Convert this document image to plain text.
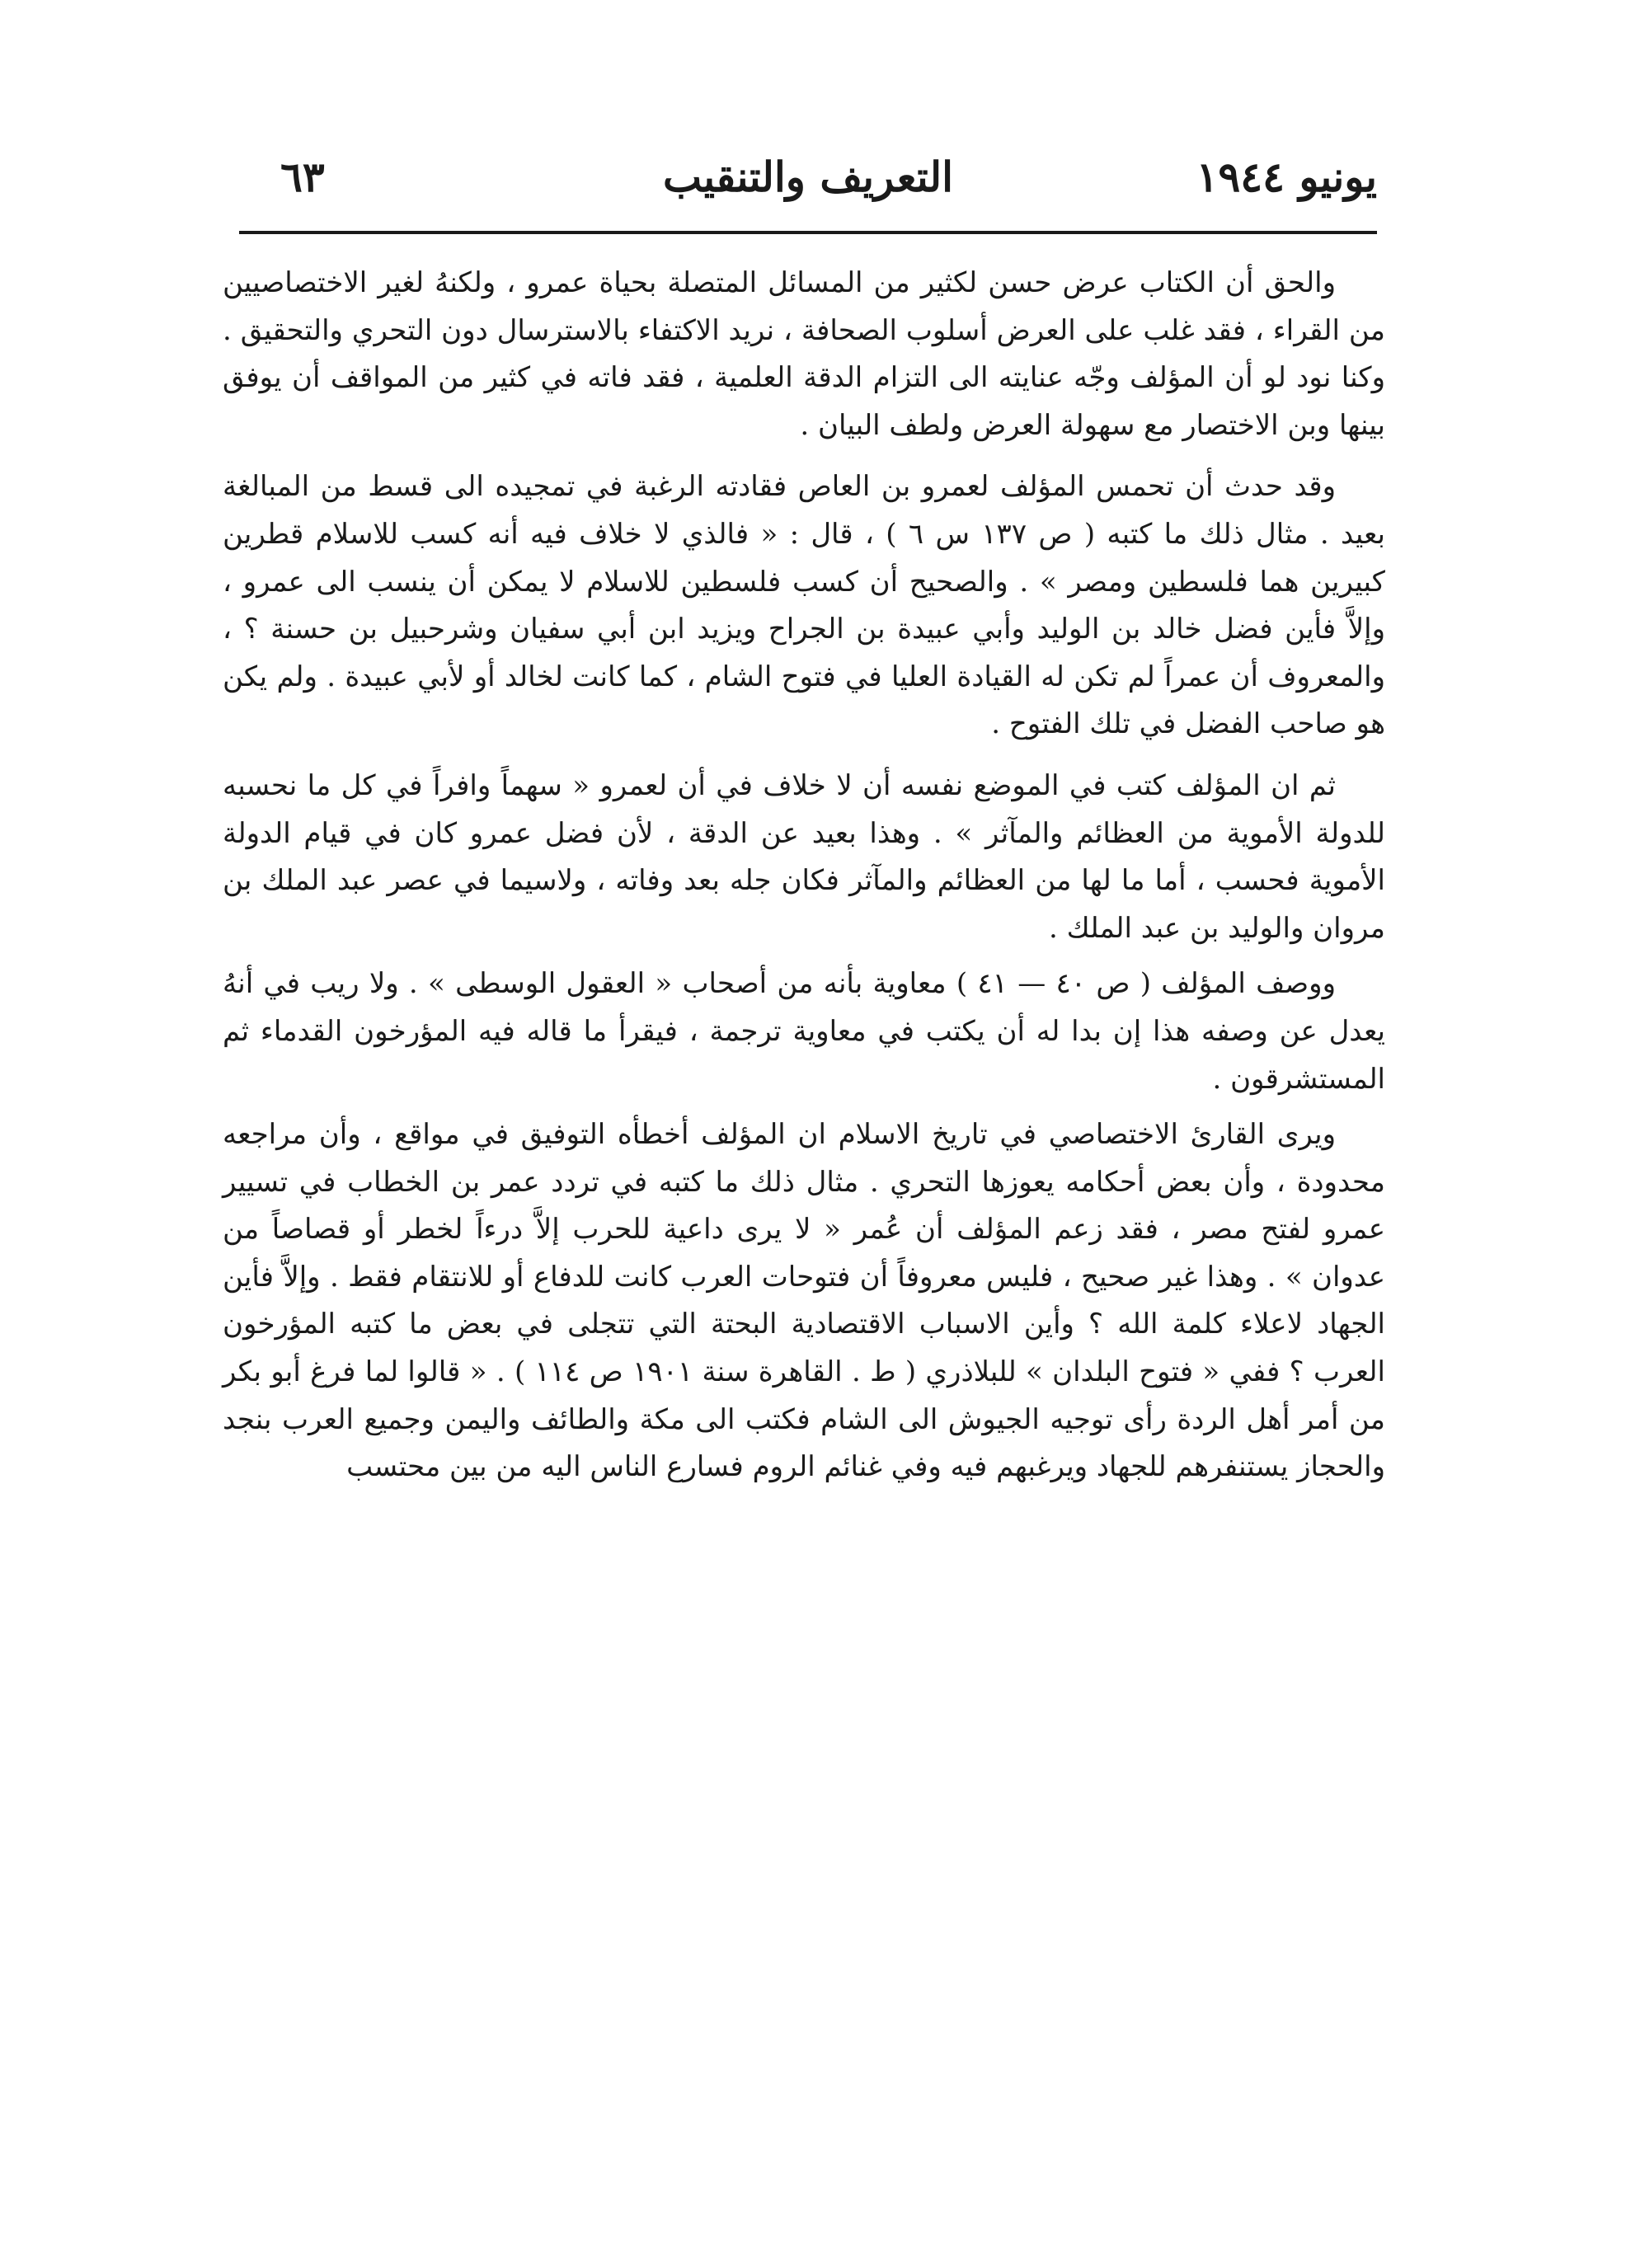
يونيو ١٩٤٤
التعريف والتنقيب
٦٣

والحق أن الكتاب عرض حسن لكثير من المسائل المتصلة بحياة عمرو ، ولكنهُ لغير الاختصاصيين من القراء ، فقد غلب على العرض أسلوب الصحافة ، نريد الاكتفاء بالاسترسال دون التحري والتحقيق . وكنا نود لو أن المؤلف وجّه عنايته الى التزام الدقة العلمية ، فقد فاته في كثير من المواقف أن يوفق بينها وبن الاختصار مع سهولة العرض ولطف البيان .

وقد حدث أن تحمس المؤلف لعمرو بن العاص فقادته الرغبة في تمجيده الى قسط من المبالغة بعيد . مثال ذلك ما كتبه ( ص ١٣٧ س ٦ ) ، قال : « فالذي لا خلاف فيه أنه كسب للاسلام قطرين كبيرين هما فلسطين ومصر » . والصحيح أن كسب فلسطين للاسلام لا يمكن أن ينسب الى عمرو ، وإلاَّ فأين فضل خالد بن الوليد وأبي عبيدة بن الجراح ويزيد ابن أبي سفيان وشرحبيل بن حسنة ؟ ، والمعروف أن عمراً لم تكن له القيادة العليا في فتوح الشام ، كما كانت لخالد أو لأبي عبيدة . ولم يكن هو صاحب الفضل في تلك الفتوح .

ثم ان المؤلف كتب في الموضع نفسه أن لا خلاف في أن لعمرو « سهماً وافراً في كل ما نحسبه للدولة الأموية من العظائم والمآثر » . وهذا بعيد عن الدقة ، لأن فضل عمرو كان في قيام الدولة الأموية فحسب ، أما ما لها من العظائم والمآثر فكان جله بعد وفاته ، ولاسيما في عصر عبد الملك بن مروان والوليد بن عبد الملك .

ووصف المؤلف ( ص ٤٠ — ٤١ ) معاوية بأنه من أصحاب « العقول الوسطى » . ولا ريب في أنهُ يعدل عن وصفه هذا إن بدا له أن يكتب في معاوية ترجمة ، فيقرأ ما قاله فيه المؤرخون القدماء ثم المستشرقون .

ويرى القارئ الاختصاصي في تاريخ الاسلام ان المؤلف أخطأه التوفيق في مواقع ، وأن مراجعه محدودة ، وأن بعض أحكامه يعوزها التحري . مثال ذلك ما كتبه في تردد عمر بن الخطاب في تسيير عمرو لفتح مصر ، فقد زعم المؤلف أن عُمر « لا يرى داعية للحرب إلاَّ درءاً لخطر أو قصاصاً من عدوان » . وهذا غير صحيح ، فليس معروفاً أن فتوحات العرب كانت للدفاع أو للانتقام فقط . وإلاَّ فأين الجهاد لاعلاء كلمة الله ؟ وأين الاسباب الاقتصادية البحتة التي تتجلى في بعض ما كتبه المؤرخون العرب ؟ ففي « فتوح البلدان » للبلاذري ( ط . القاهرة سنة ١٩٠١ ص ١١٤ ) . « قالوا لما فرغ أبو بكر من أمر أهل الردة رأى توجيه الجيوش الى الشام فكتب الى مكة والطائف واليمن وجميع العرب بنجد والحجاز يستنفرهم للجهاد ويرغبهم فيه وفي غنائم الروم فسارع الناس اليه من بين محتسب
